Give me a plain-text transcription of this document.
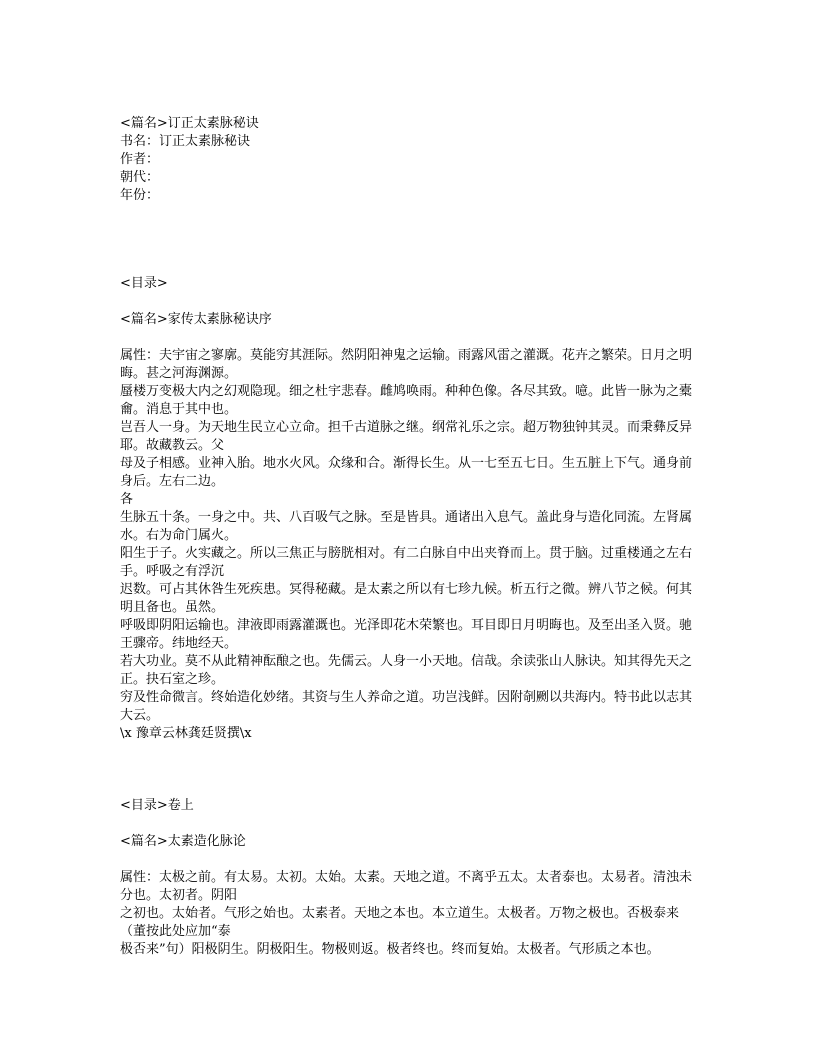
<篇名>订正太素脉秘诀

书名：订正太素脉秘诀

作者：

朝代：

年份：

<目录>

<篇名>家传太素脉秘诀序

属性：夫宇宙之寥廓。莫能穷其涯际。然阴阳神鬼之运输。雨露风雷之灌溉。花卉之繁荣。日月之明晦。甚之河海渊源。

蜃楼万变极大内之幻观隐现。细之杜宇悲春。雌鸠唤雨。种种色像。各尽其致。噫。此皆一脉为之橐龠。消息于其中也。

岂吾人一身。为天地生民立心立命。担千古道脉之继。纲常礼乐之宗。超万物独钟其灵。而秉彝反异耶。故藏教云。父

母及子相感。业神入胎。地水火风。众缘和合。渐得长生。从一七至五七日。生五脏上下气。通身前身后。左右二边。

各

生脉五十条。一身之中。共、八百吸气之脉。至是皆具。通诸出入息气。盖此身与造化同流。左肾属水。右为命门属火。

阳生于子。火实藏之。所以三焦正与膀胱相对。有二白脉自中出夹脊而上。贯于脑。过重楼通之左右手。呼吸之有浮沉

迟数。可占其休咎生死疾患。冥得秘藏。是太素之所以有七珍九候。析五行之微。辨八节之候。何其明且备也。虽然。

呼吸即阴阳运输也。津液即雨露灌溉也。光泽即花木荣繁也。耳目即日月明晦也。及至出圣入贤。驰王骤帝。纬地经天。

若大功业。莫不从此精神酝酿之也。先儒云。人身一小天地。信哉。余读张山人脉诀。知其得先天之正。抉石室之珍。

穷及性命微言。终始造化妙绪。其资与生人养命之道。功岂浅鲜。因附剞劂以共海内。特书此以志其大云。

\x 豫章云林龚廷贤撰\x

<目录>卷上

<篇名>太素造化脉论

属性：太极之前。有太易。太初。太始。太素。天地之道。不离乎五太。太者泰也。太易者。清浊未分也。太初者。阴阳

之初也。太始者。气形之始也。太素者。天地之本也。本立道生。太极者。万物之极也。否极泰来（董按此处应加“泰

极否来”句）阳极阴生。阴极阳生。物极则返。极者终也。终而复始。太极者。气形质之本也。
